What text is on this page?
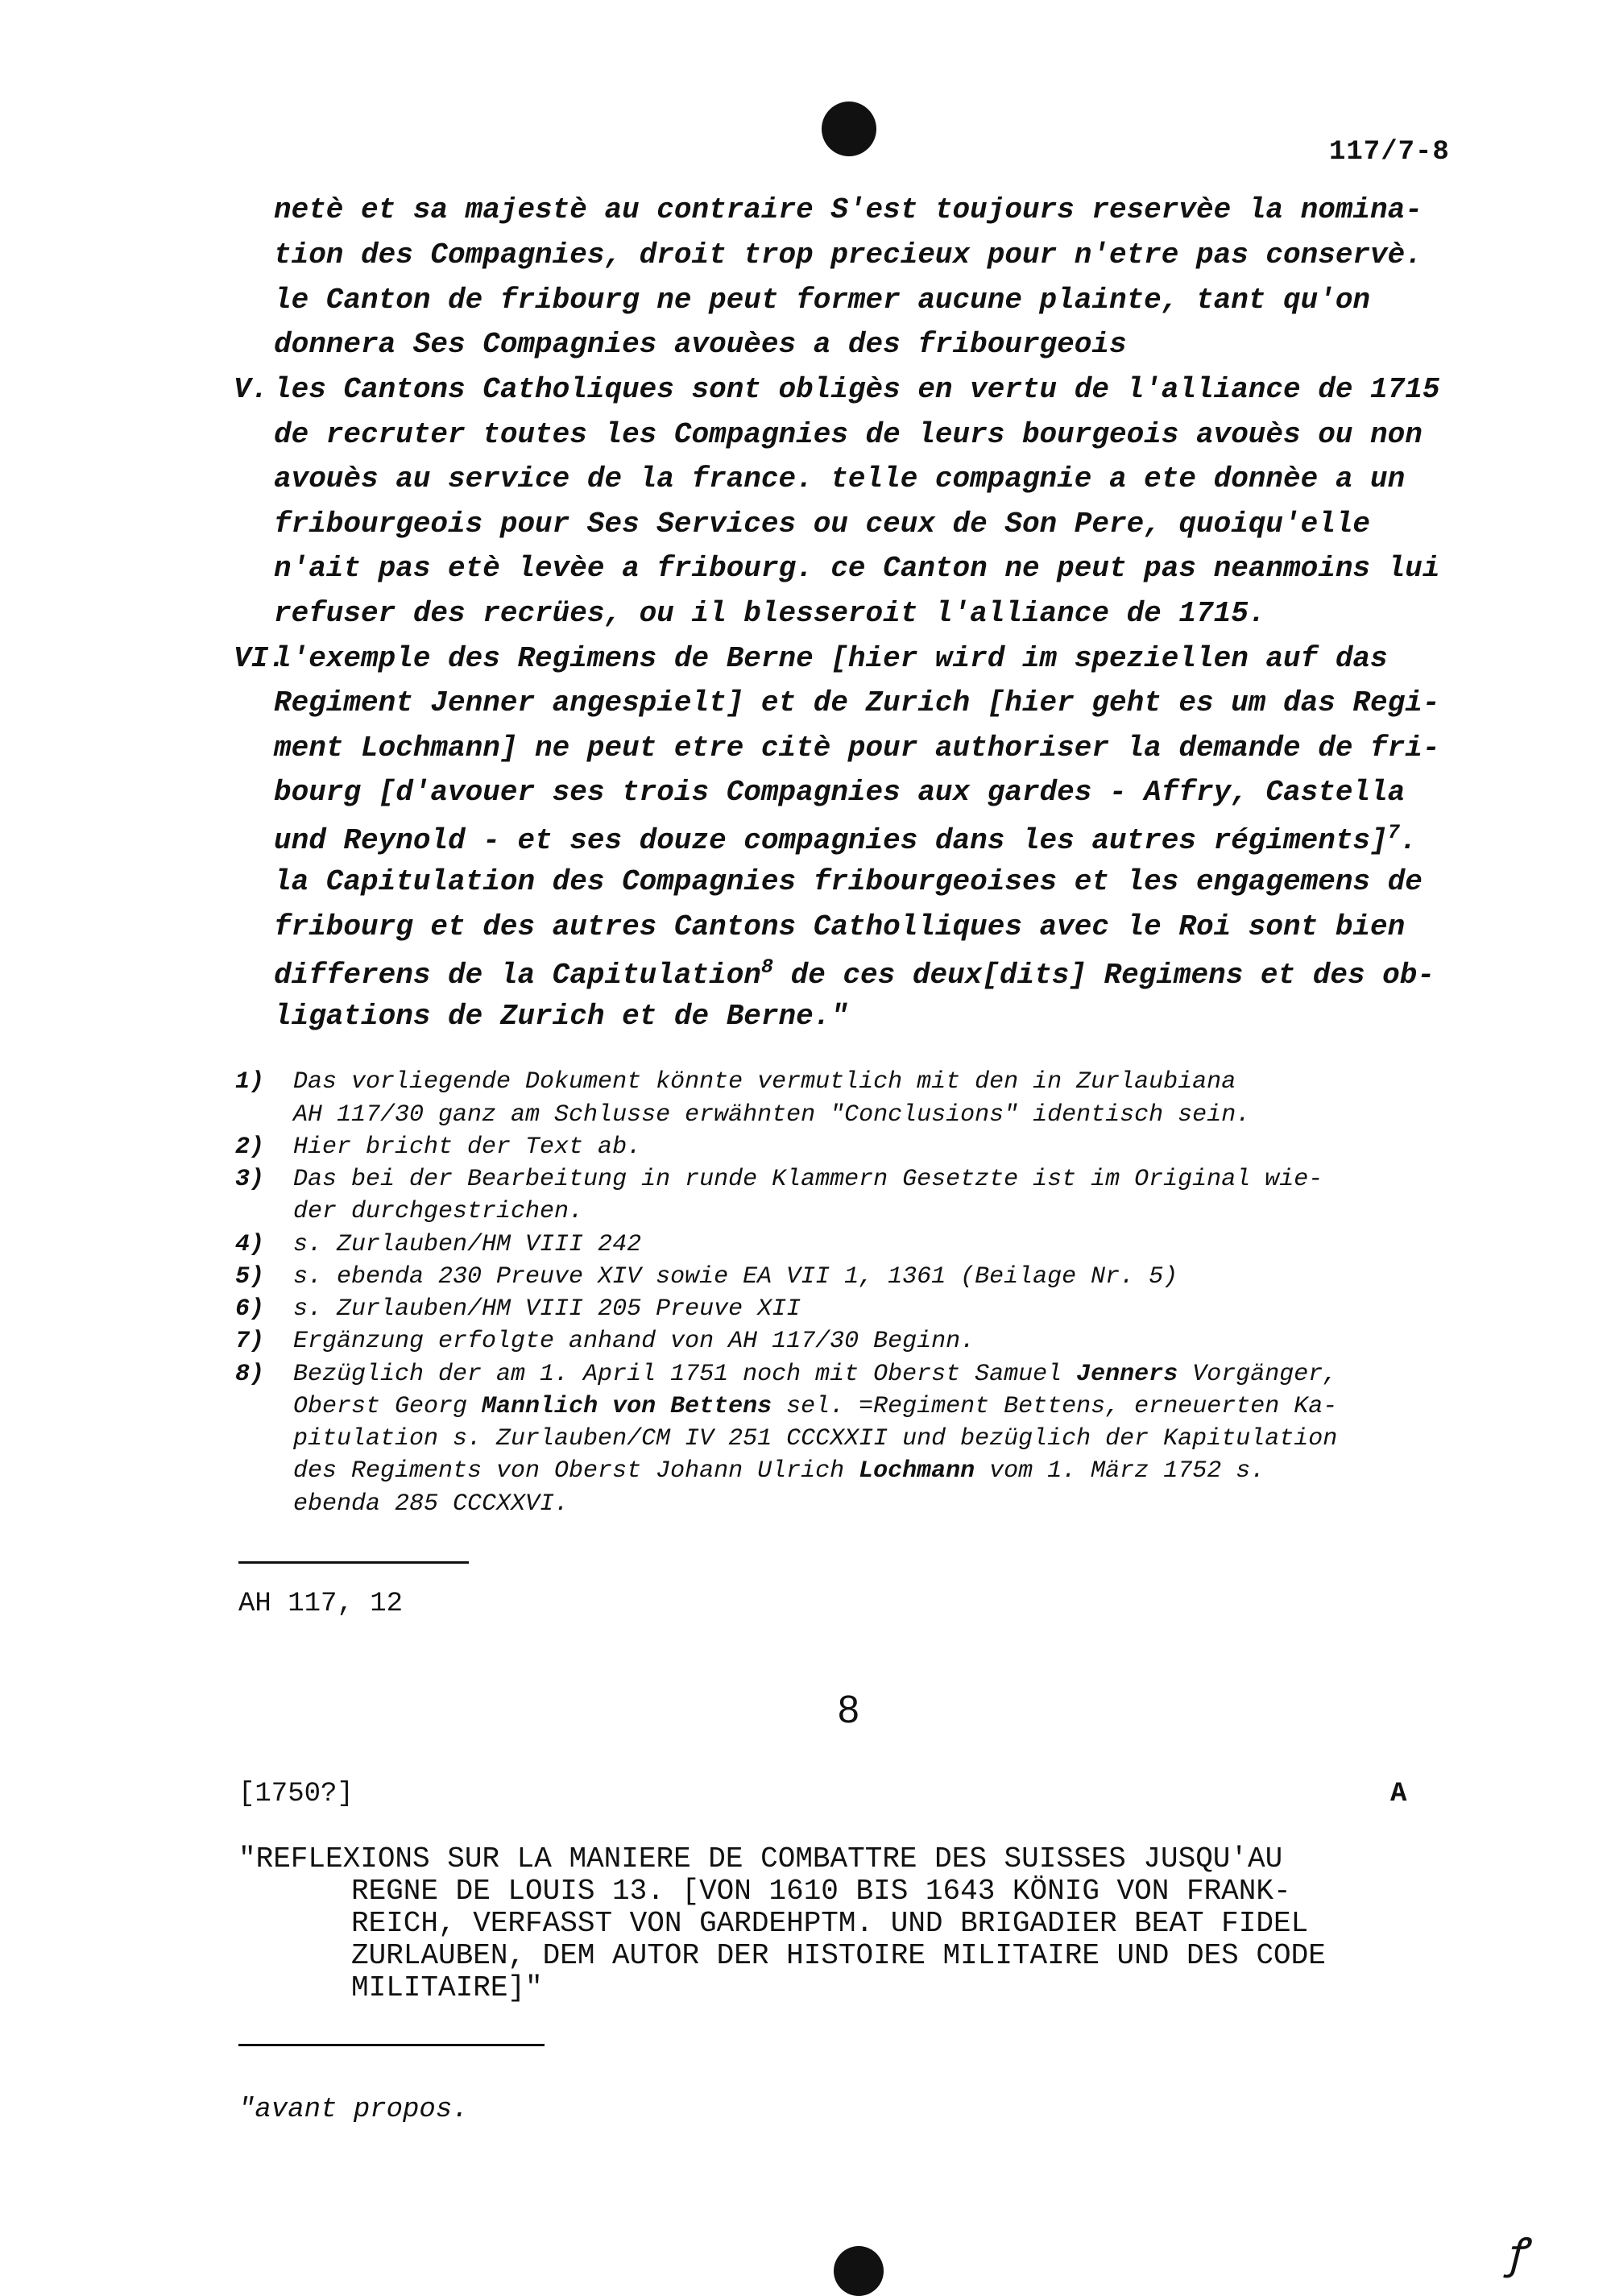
117/7-8
netè et sa majestè au contraire S'est toujours reservèe la nomina-
tion des Compagnies, droit trop precieux pour n'etre pas conservè.
le Canton de fribourg ne peut former aucune plainte, tant qu'on
donnera Ses Compagnies avouèes a des fribourgeois
V. les Cantons Catholiques sont obligès en vertu de l'alliance de 1715
de recruter toutes les Compagnies de leurs bourgeois avouès ou non
avouès au service de la france. telle compagnie a ete donnèe a un
fribourgeois pour Ses Services ou ceux de Son Pere, quoiqu'elle
n'ait pas etè levèe a fribourg. ce Canton ne peut pas neanmoins lui
refuser des recrües, ou il blesseroit l'alliance de 1715.
VI.
l'exemple des Regimens de Berne [hier wird im speziellen auf das
Regiment Jenner angespielt] et de Zurich [hier geht es um das Regi-
ment Lochmann] ne peut etre citè pour authoriser la demande de fri-
bourg [d'avouer ses trois Compagnies aux gardes - Affry, Castella
und Reynold - et ses douze compagnies dans les autres régiments]$^7$.
la Capitulation des Compagnies fribourgeoises et les engagemens de
fribourg et des autres Cantons Catholliques avec le Roi sont bien
differens de la Capitulation$^8$ de ces deux[dits] Regimens et des ob-
ligations de Zurich et de Berne."
1) Das vorliegende Dokument könnte vermutlich mit den in Zurlaubiana
AH 117/30 ganz am Schlusse erwähnten "Conclusions" identisch sein.
2) Hier bricht der Text ab.
3) Das bei der Bearbeitung in runde Klammern Gesetzte ist im Original wie-
der durchgestrichen.
4) s. Zurlauben/HM VIII 242
5) s. ebenda 230 Preuve XIV sowie EA VII 1, 1361 (Beilage Nr. 5)
6) s. Zurlauben/HM VIII 205 Preuve XII
7) Ergänzung erfolgte anhand von AH 117/30 Beginn.
8) Bezüglich der am 1. April 1751 noch mit Oberst Samuel Jenners Vorgänger,
Oberst Georg Mannlich von Bettens sel. =Regiment Bettens, erneuerten Ka-
pitulation s. Zurlauben/CM IV 251 CCCXXII und bezüglich der Kapitulation
des Regiments von Oberst Johann Ulrich Lochmann vom 1. März 1752 s.
ebenda 285 CCCXXVI.
AH 117, 12
8
[1750?]	A
"REFLEXIONS SUR LA MANIERE DE COMBATTRE DES SUISSES JUSQU'AU
REGNE DE LOUIS 13. [VON 1610 BIS 1643 KÖNIG VON FRANK-
REICH, VERFASST VON GARDEHPTM. UND BRIGADIER BEAT FIDEL
ZURLAUBEN, DEM AUTOR DER HISTOIRE MILITAIRE UND DES CODE
MILITAIRE]"
"avant propos.
ꝭ
